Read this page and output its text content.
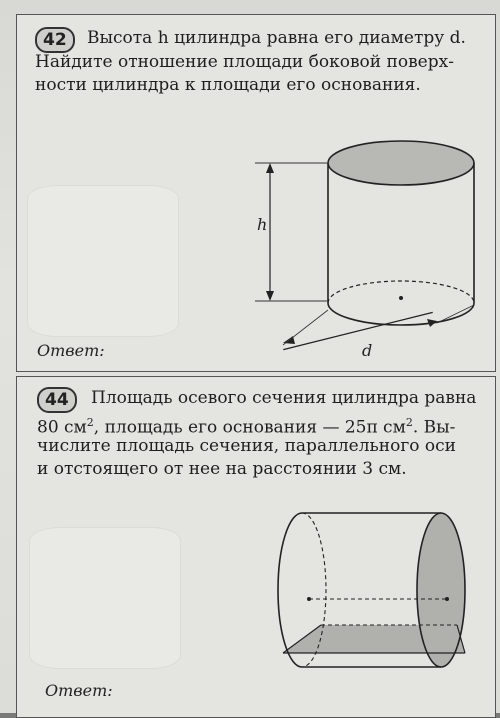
42	Высота h цилиндра равна его диаметру d.
Найдите отношение площади боковой поверх-
ности цилиндра к площади его основания.
h
d
Ответ:
44	Площадь осевого сечения цилиндра равна
80 $см^2$, площадь его основания — 25π $см^2$. Вы-
числите площадь сечения, параллельного оси
и отстоящего от нее на расстоянии 3 см.
Ответ:
